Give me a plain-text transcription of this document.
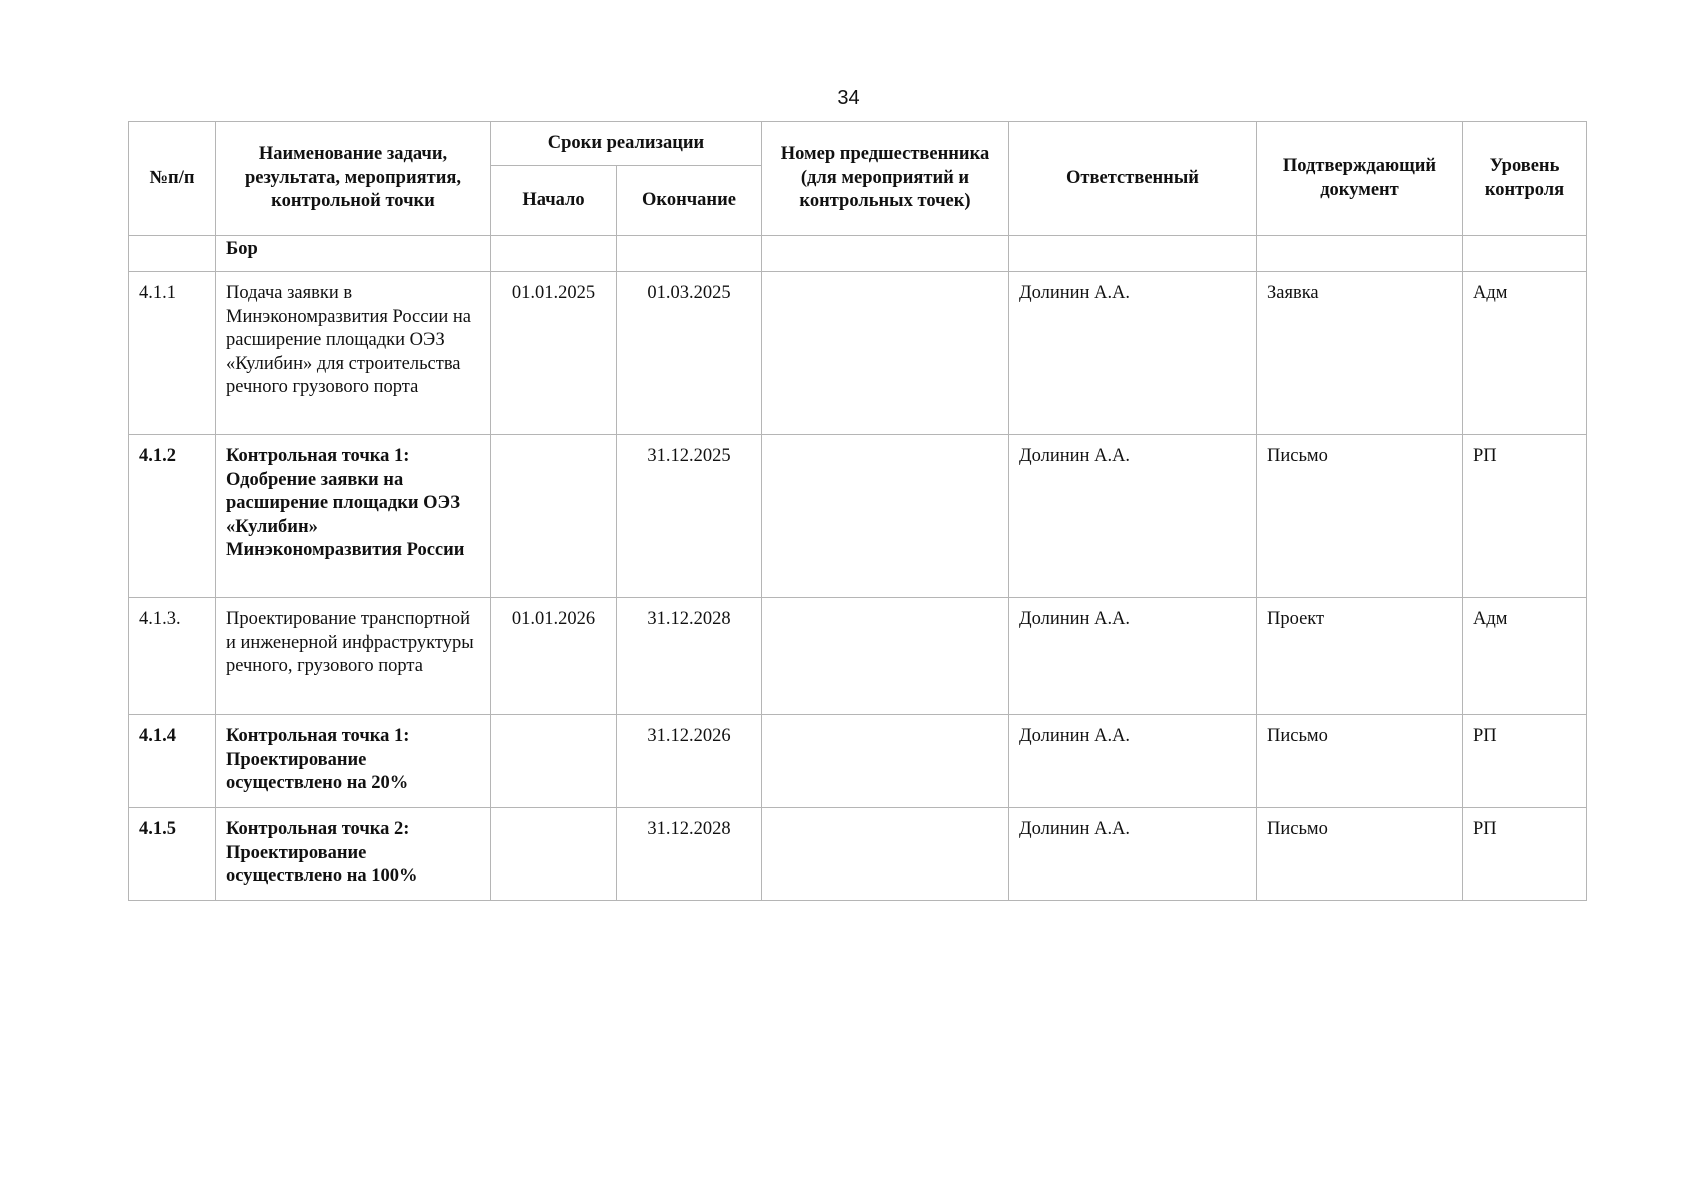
34
№п/п	Наименование задачи, результата, мероприятия, контрольной точки	Сроки реализации		Номер предшественника (для мероприятий и контрольных точек)	Ответственный	Подтверждающий документ	Уровень контроля
		Начало	Окончание				
	Бор						
4.1.1	Подача заявки в Минэкономразвития России на расширение площадки ОЭЗ «Кулибин» для строительства речного грузового порта	01.01.2025	01.03.2025		Долинин А.А.	Заявка	Адм
4.1.2	Контрольная точка 1: Одобрение заявки на расширение площадки ОЭЗ «Кулибин» Минэкономразвития России		31.12.2025		Долинин А.А.	Письмо	РП
4.1.3.	Проектирование транспортной и инженерной инфраструктуры речного, грузового порта	01.01.2026	31.12.2028		Долинин А.А.	Проект	Адм
4.1.4	Контрольная точка 1: Проектирование осуществлено на 20%		31.12.2026		Долинин А.А.	Письмо	РП
4.1.5	Контрольная точка 2: Проектирование осуществлено на 100%		31.12.2028		Долинин А.А.	Письмо	РП
